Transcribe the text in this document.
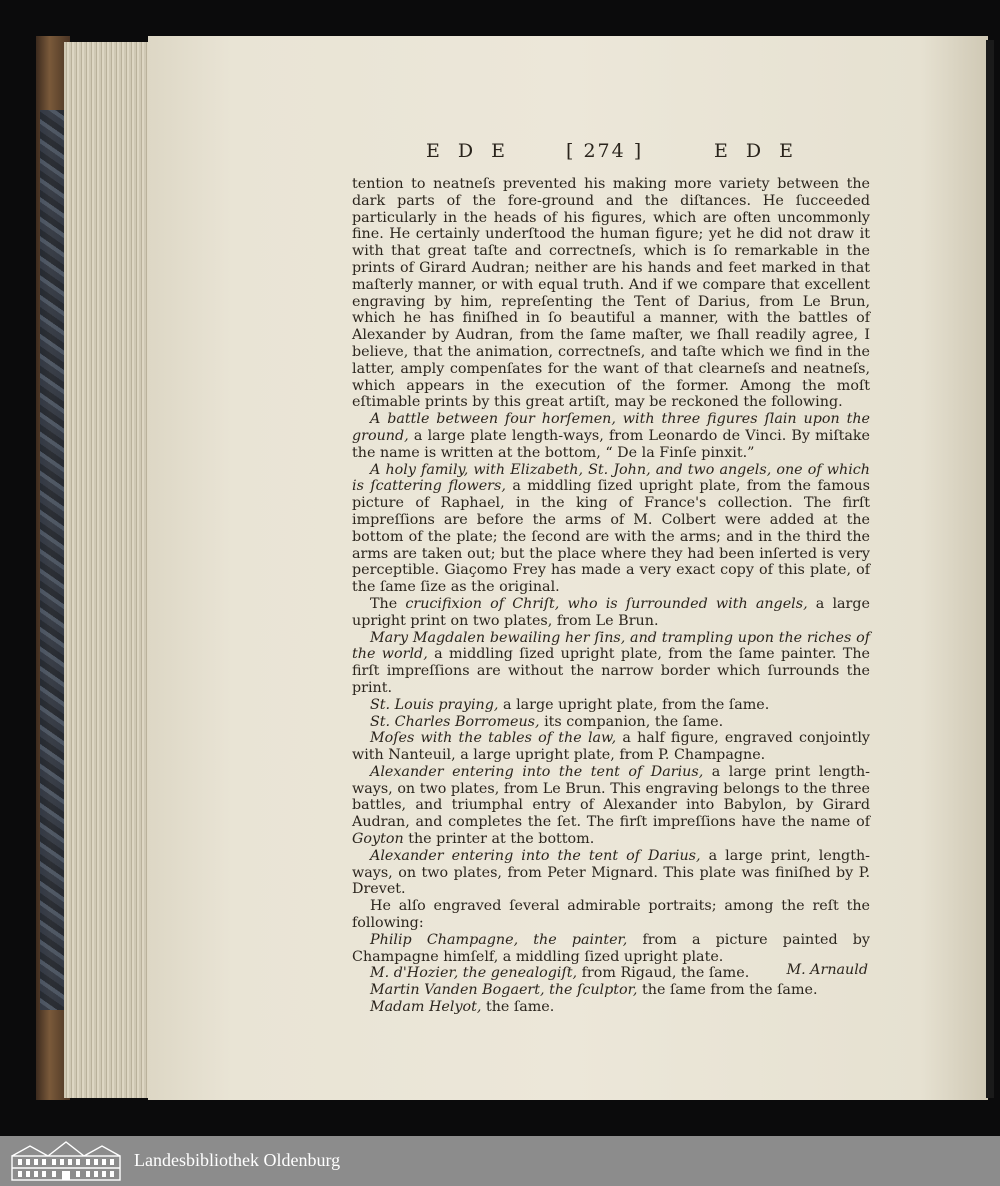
E D E	[ 274 ]	E D E

tention to neatneſs prevented his making more variety between the dark parts of the fore-ground and the diſtances. He ſucceeded particularly in the heads of his figures, which are often uncommonly fine. He certainly underſtood the human figure; yet he did not draw it with that great taſte and correctneſs, which is ſo remarkable in the prints of Girard Audran; neither are his hands and feet marked in that maſterly manner, or with equal truth. And if we compare that excellent engraving by him, repreſenting the Tent of Darius, from Le Brun, which he has finiſhed in ſo beautiful a manner, with the battles of Alexander by Audran, from the ſame maſter, we ſhall readily agree, I believe, that the animation, correctneſs, and taſte which we find in the latter, amply compenſates for the want of that clearneſs and neatneſs, which appears in the execution of the former. Among the moſt eſtimable prints by this great artiſt, may be reckoned the following.

A battle between four horſemen, with three figures ſlain upon the ground, a large plate length-ways, from Leonardo de Vinci. By miſtake the name is written at the bottom, “ De la Finſe pinxit.”

A holy family, with Elizabeth, St. John, and two angels, one of which is ſcattering flowers, a middling ſized upright plate, from the famous picture of Raphael, in the king of France's collection. The firſt impreſſions are before the arms of M. Colbert were added at the bottom of the plate; the ſecond are with the arms; and in the third the arms are taken out; but the place where they had been inſerted is very perceptible. Giaçomo Frey has made a very exact copy of this plate, of the ſame ſize as the original.

The crucifixion of Chriſt, who is ſurrounded with angels, a large upright print on two plates, from Le Brun.

Mary Magdalen bewailing her ſins, and trampling upon the riches of the world, a middling ſized upright plate, from the ſame painter. The firſt impreſſions are without the narrow border which ſurrounds the print.

St. Louis praying, a large upright plate, from the ſame.

St. Charles Borromeus, its companion, the ſame.

Moſes with the tables of the law, a half figure, engraved conjointly with Nanteuil, a large upright plate, from P. Champagne.

Alexander entering into the tent of Darius, a large print length-ways, on two plates, from Le Brun. This engraving belongs to the three battles, and triumphal entry of Alexander into Babylon, by Girard Audran, and completes the ſet. The firſt impreſſions have the name of Goyton the printer at the bottom.

Alexander entering into the tent of Darius, a large print, length-ways, on two plates, from Peter Mignard. This plate was finiſhed by P. Drevet.

He alſo engraved ſeveral admirable portraits; among the reſt the following:

Philip Champagne, the painter, from a picture painted by Champagne himſelf, a middling ſized upright plate.

M. d'Hozier, the genealogiſt, from Rigaud, the ſame.

Martin Vanden Bogaert, the ſculptor, the ſame from the ſame.

Madam Helyot, the ſame.

M. Arnauld
Landesbibliothek Oldenburg
